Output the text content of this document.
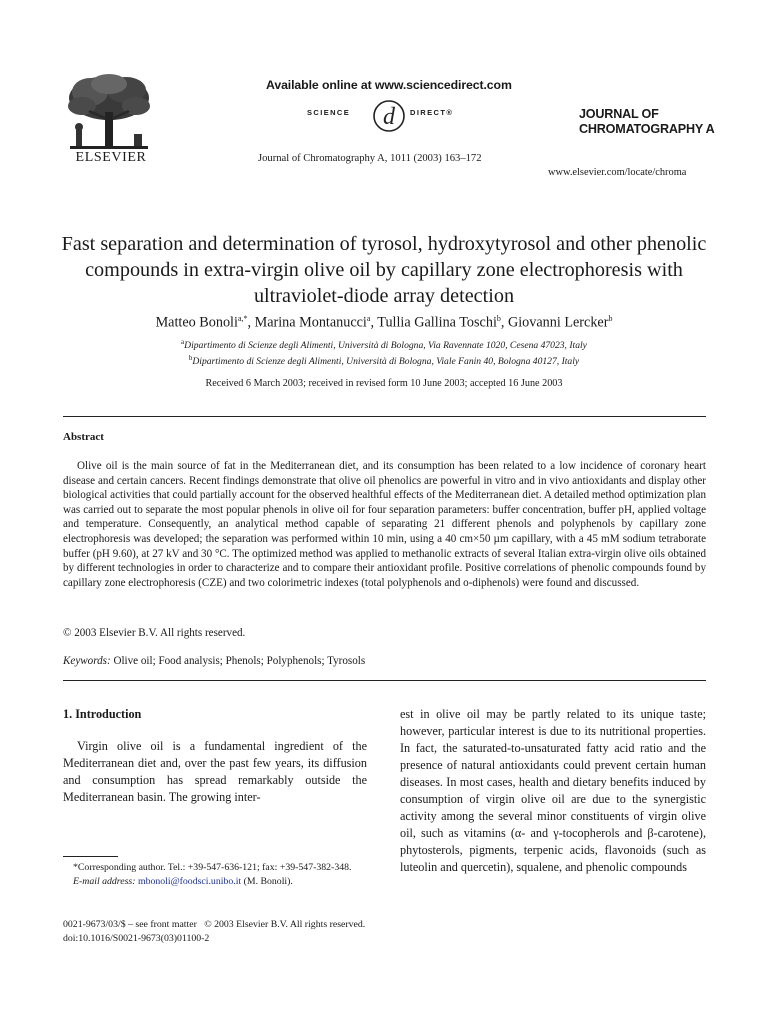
ELSEVIER
Available online at www.sciencedirect.com
SCIENCE d DIRECT®
Journal of Chromatography A, 1011 (2003) 163–172
JOURNAL OF
CHROMATOGRAPHY A
www.elsevier.com/locate/chroma
Fast separation and determination of tyrosol, hydroxytyrosol and other phenolic compounds in extra-virgin olive oil by capillary zone electrophoresis with ultraviolet-diode array detection
Matteo Bonoli$^{a,*}$, Marina Montanucci$^a$, Tullia Gallina Toschi$^b$, Giovanni Lercker$^b$
$^a$Dipartimento di Scienze degli Alimenti, Università di Bologna, Via Ravennate 1020, Cesena 47023, Italy
$^b$Dipartimento di Scienze degli Alimenti, Università di Bologna, Viale Fanin 40, Bologna 40127, Italy
Received 6 March 2003; received in revised form 10 June 2003; accepted 16 June 2003
Abstract
Olive oil is the main source of fat in the Mediterranean diet, and its consumption has been related to a low incidence of coronary heart disease and certain cancers. Recent findings demonstrate that olive oil phenolics are powerful in vitro and in vivo antioxidants and display other biological activities that could partially account for the observed healthful effects of the Mediterranean diet. A detailed method optimization plan was carried out to separate the most popular phenols in olive oil for four separation parameters: buffer concentration, buffer pH, applied voltage and temperature. Consequently, an analytical method capable of separating 21 different phenols and polyphenols by capillary zone electrophoresis was developed; the separation was performed within 10 min, using a 40 cm×50 µm capillary, with a 45 mM sodium tetraborate buffer (pH 9.60), at 27 kV and 30 °C. The optimized method was applied to methanolic extracts of several Italian extra-virgin olive oils obtained by different technologies in order to characterize and to compare their antioxidant profile. Positive correlations of phenolic compounds found by capillary zone electrophoresis (CZE) and two colorimetric indexes (total polyphenols and o-diphenols) were found and discussed.
© 2003 Elsevier B.V. All rights reserved.
Keywords: Olive oil; Food analysis; Phenols; Polyphenols; Tyrosols
1. Introduction

Virgin olive oil is a fundamental ingredient of the Mediterranean diet and, over the past few years, its diffusion and consumption has spread remarkably outside the Mediterranean basin. The growing inter-

*Corresponding author. Tel.: +39-547-636-121; fax: +39-547-382-348.
E-mail address: mbonoli@foodsci.unibo.it (M. Bonoli).
est in olive oil may be partly related to its unique taste; however, particular interest is due to its nutritional properties. In fact, the saturated-to-unsaturated fatty acid ratio and the presence of natural antioxidants could prevent certain human diseases. In most cases, health and dietary benefits induced by consumption of virgin olive oil are due to the synergistic activity among the several minor constituents of virgin olive oil, such as vitamins (α- and γ-tocopherols and β-carotene), phytosterols, pigments, terpenic acids, flavonoids (such as luteolin and quercetin), squalene, and phenolic compounds
0021-9673/03/$ – see front matter   © 2003 Elsevier B.V. All rights reserved.
doi:10.1016/S0021-9673(03)01100-2
